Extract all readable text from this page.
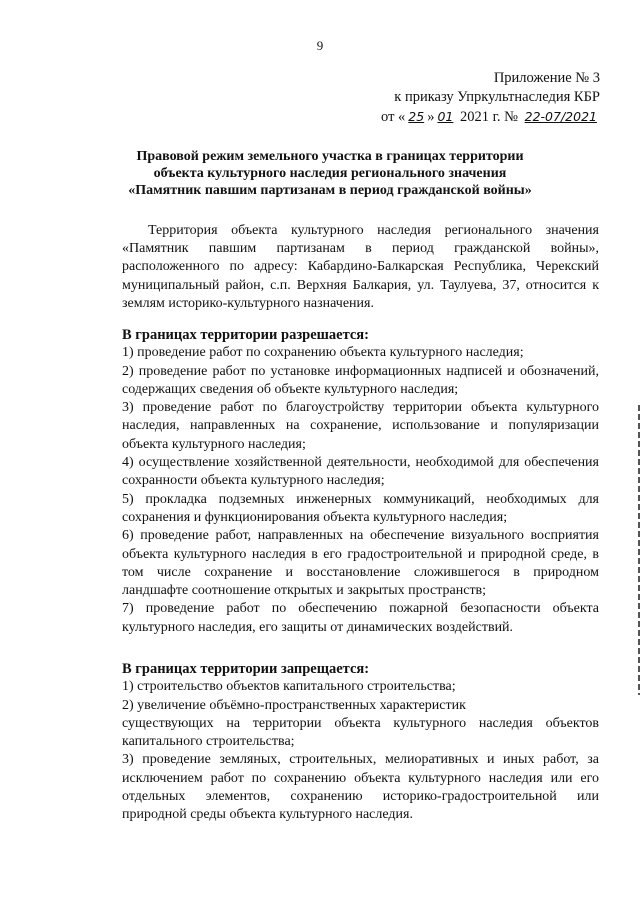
9
Приложение № 3
к приказу Упркультнаследия КБР
от « 25 » 01 2021 г. № 22-07/2021
Правовой режим земельного участка в границах территории
объекта культурного наследия регионального значения
«Памятник павшим партизанам в период гражданской войны»

Территория объекта культурного наследия регионального значения «Памятник павшим партизанам в период гражданской войны», расположенного по адресу: Кабардино-Балкарская Республика, Черекский муниципальный район, с.п. Верхняя Балкария, ул. Таулуева, 37, относится к землям историко-культурного назначения.

В границах территории разрешается:

1) проведение работ по сохранению объекта культурного наследия;
2) проведение работ по установке информационных надписей и обозначений, содержащих сведения об объекте культурного наследия;
3) проведение работ по благоустройству территории объекта культурного наследия, направленных на сохранение, использование и популяризации объекта культурного наследия;
4) осуществление хозяйственной деятельности, необходимой для обеспечения сохранности объекта культурного наследия;
5) прокладка подземных инженерных коммуникаций, необходимых для сохранения и функционирования объекта культурного наследия;
6) проведение работ, направленных на обеспечение визуального восприятия объекта культурного наследия в его градостроительной и природной среде, в том числе сохранение и восстановление сложившегося в природном ландшафте соотношение открытых и закрытых пространств;
7) проведение работ по обеспечению пожарной безопасности объекта культурного наследия, его защиты от динамических воздействий.

В границах территории запрещается:

1) строительство объектов капитального строительства;
2) увеличение объёмно-пространственных характеристик
существующих на территории объекта культурного наследия объектов капитального строительства;
3) проведение земляных, строительных, мелиоративных и иных работ, за исключением работ по сохранению объекта культурного наследия или его отдельных элементов, сохранению историко-градостроительной или природной среды объекта культурного наследия.
